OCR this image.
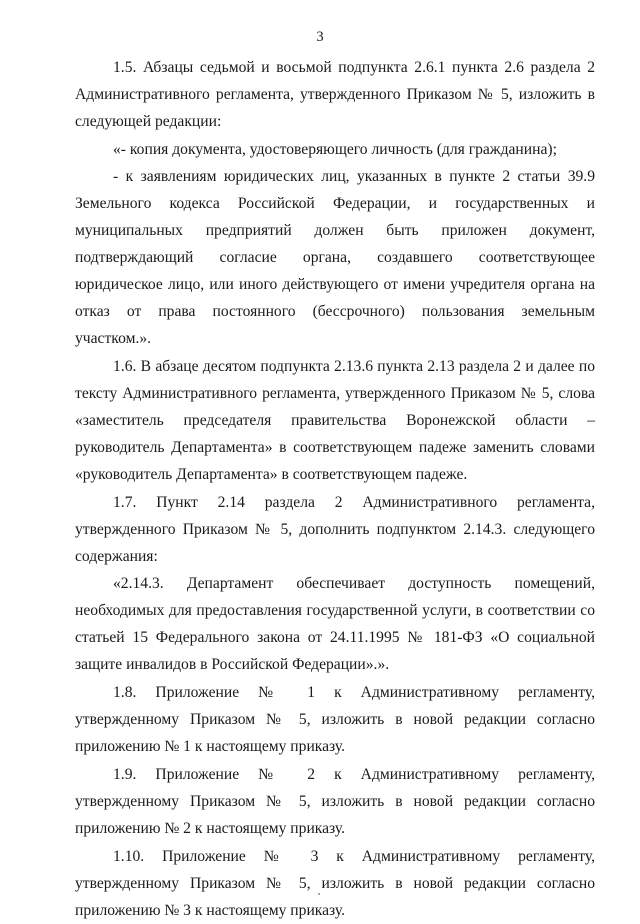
3

1.5. Абзацы седьмой и восьмой подпункта 2.6.1 пункта 2.6 раздела 2 Административного регламента, утвержденного Приказом № 5, изложить в следующей редакции:

«- копия документа, удостоверяющего личность (для гражданина);

- к заявлениям юридических лиц, указанных в пункте 2 статьи 39.9 Земельного кодекса Российской Федерации, и государственных и муниципальных предприятий должен быть приложен документ, подтверждающий согласие органа, создавшего соответствующее юридическое лицо, или иного действующего от имени учредителя органа на отказ от права постоянного (бессрочного) пользования земельным участком.».

1.6. В абзаце десятом подпункта 2.13.6 пункта 2.13 раздела 2 и далее по тексту Административного регламента, утвержденного Приказом № 5, слова «заместитель председателя правительства Воронежской области – руководитель Департамента» в соответствующем падеже заменить словами «руководитель Департамента» в соответствующем падеже.

1.7. Пункт 2.14 раздела 2 Административного регламента, утвержденного Приказом № 5, дополнить подпунктом 2.14.3. следующего содержания:

«2.14.3. Департамент обеспечивает доступность помещений, необходимых для предоставления государственной услуги, в соответствии со статьей 15 Федерального закона от 24.11.1995 № 181-ФЗ «О социальной защите инвалидов в Российской Федерации».».

1.8. Приложение № 1 к Административному регламенту, утвержденному Приказом № 5, изложить в новой редакции согласно приложению № 1 к настоящему приказу.

1.9. Приложение № 2 к Административному регламенту, утвержденному Приказом № 5, изложить в новой редакции согласно приложению № 2 к настоящему приказу.

1.10. Приложение № 3 к Административному регламенту, утвержденному Приказом № 5, изложить в новой редакции согласно приложению № 3 к настоящему приказу.
